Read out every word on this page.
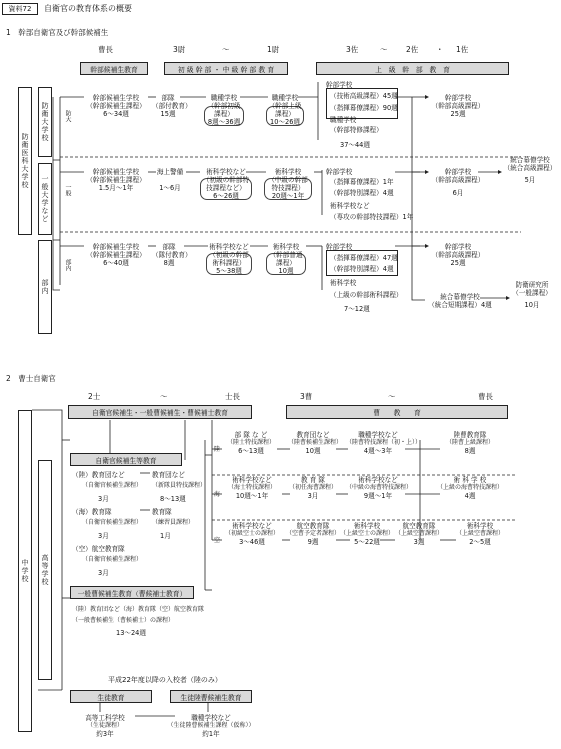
資料72 自衛官の教育体系の概要
1　幹部自衛官及び幹部候補生
曹長	3尉	～	1尉	3佐	～ 2佐 ・ 1佐
幹部候補生教育	初 級 幹 部 ・ 中 級 幹 部 教 育	上　級　幹　部　教　育
防衛医科大学校
防衛大学校
一般大学など
部内
防大
一般
部内
幹部候補生学校
（幹部候補生課程）
6～34週
部隊
（部付教育）
15週
職種学校
（幹部初級
課程）
8週～36週
職種学校
（幹部上級
課程）
10～26週
幹部学校
（技術高級課程）45週
（指揮幕僚課程）90週
職種学校
（幹部特修課程）
37～44週
幹部学校
（幹部高級課程）
25週
幹部候補生学校
（幹部候補生課程）
1.5月～1年
海上警備
1～6月
術科学校など
（初級の幹部特
技課程など）
6～26週
術科学校
（中級の幹部
特技課程）
20週～1年
幹部学校
（指揮幕僚課程）1年
（幹部特別課程）4週
術科学校など
（専攻の幹部特技課程）1年
幹部学校
（幹部高級課程）
6月
統合幕僚学校
（統合高級課程）
5月
幹部候補生学校
（幹部候補生課程）
6～40週
部隊
（隊付教育）
8週
術科学校など
（初級の幹部
術科課程）
5～38週
術科学校
（幹部普通
課程）
10週
幹部学校
（指揮幕僚課程）47週
（幹部特別課程）4週
術科学校
（上級の幹部術科課程）
7～12週
幹部学校
（幹部高級課程）
25週
統合幕僚学校
（統合短期課程）4週
防衛研究所
（一般課程）
10月
2　曹士自衛官
2士	～	士長	3曹	～	曹長
自衛官候補生・一般曹候補生・曹候補士教育	曹　　教　　育
中学校 高等学校
自衛官候補生等教育
（陸）教育団など
（自衛官候補生課程）
3月
教育団など
（新隊員特技課程）
8～13週
（海）教育隊
（自衛官候補生課程）
3月
教育隊
（練習員課程）
1月
（空）航空教育隊
（自衛官候補生課程）
3月
一般曹候補生教育（曹候補士教育）
（陸）教育団など（海）教育隊（空）航空教育隊
（一般曹候補生（曹候補士）の課程）
13～24週
陸
部 隊 な ど
（陸士特技課程）
6～13週
教育団など
（陸曹候補生課程）
10週
職種学校など
（陸曹特技課程（初・上））
4週～3年
陸曹教育隊
（陸曹上級課程）
8週
海
術科学校など
（海士特技課程）
10週～1年
教 育 隊
（初任海曹課程）
3月
術科学校など
（中級の海曹特技課程）
9週～1年
術 科 学 校
（上級の海曹特技課程）
4週
空
術科学校など
（初級空士の課程）
3～46週
航空教育隊
（空曹予定者課程）
9週
術科学校
（上級空士の課程）
5～22週
航空教育隊
（上級空曹課程）
3週
術科学校
（上級空曹課程）
2～5週
平成22年度以降の入校者（陸のみ）
生徒教育	生徒陸曹候補生教育
高等工科学校
（生徒課程）
約3年
職種学校など
（生徒陸曹候補生課程（仮称））
約1年
